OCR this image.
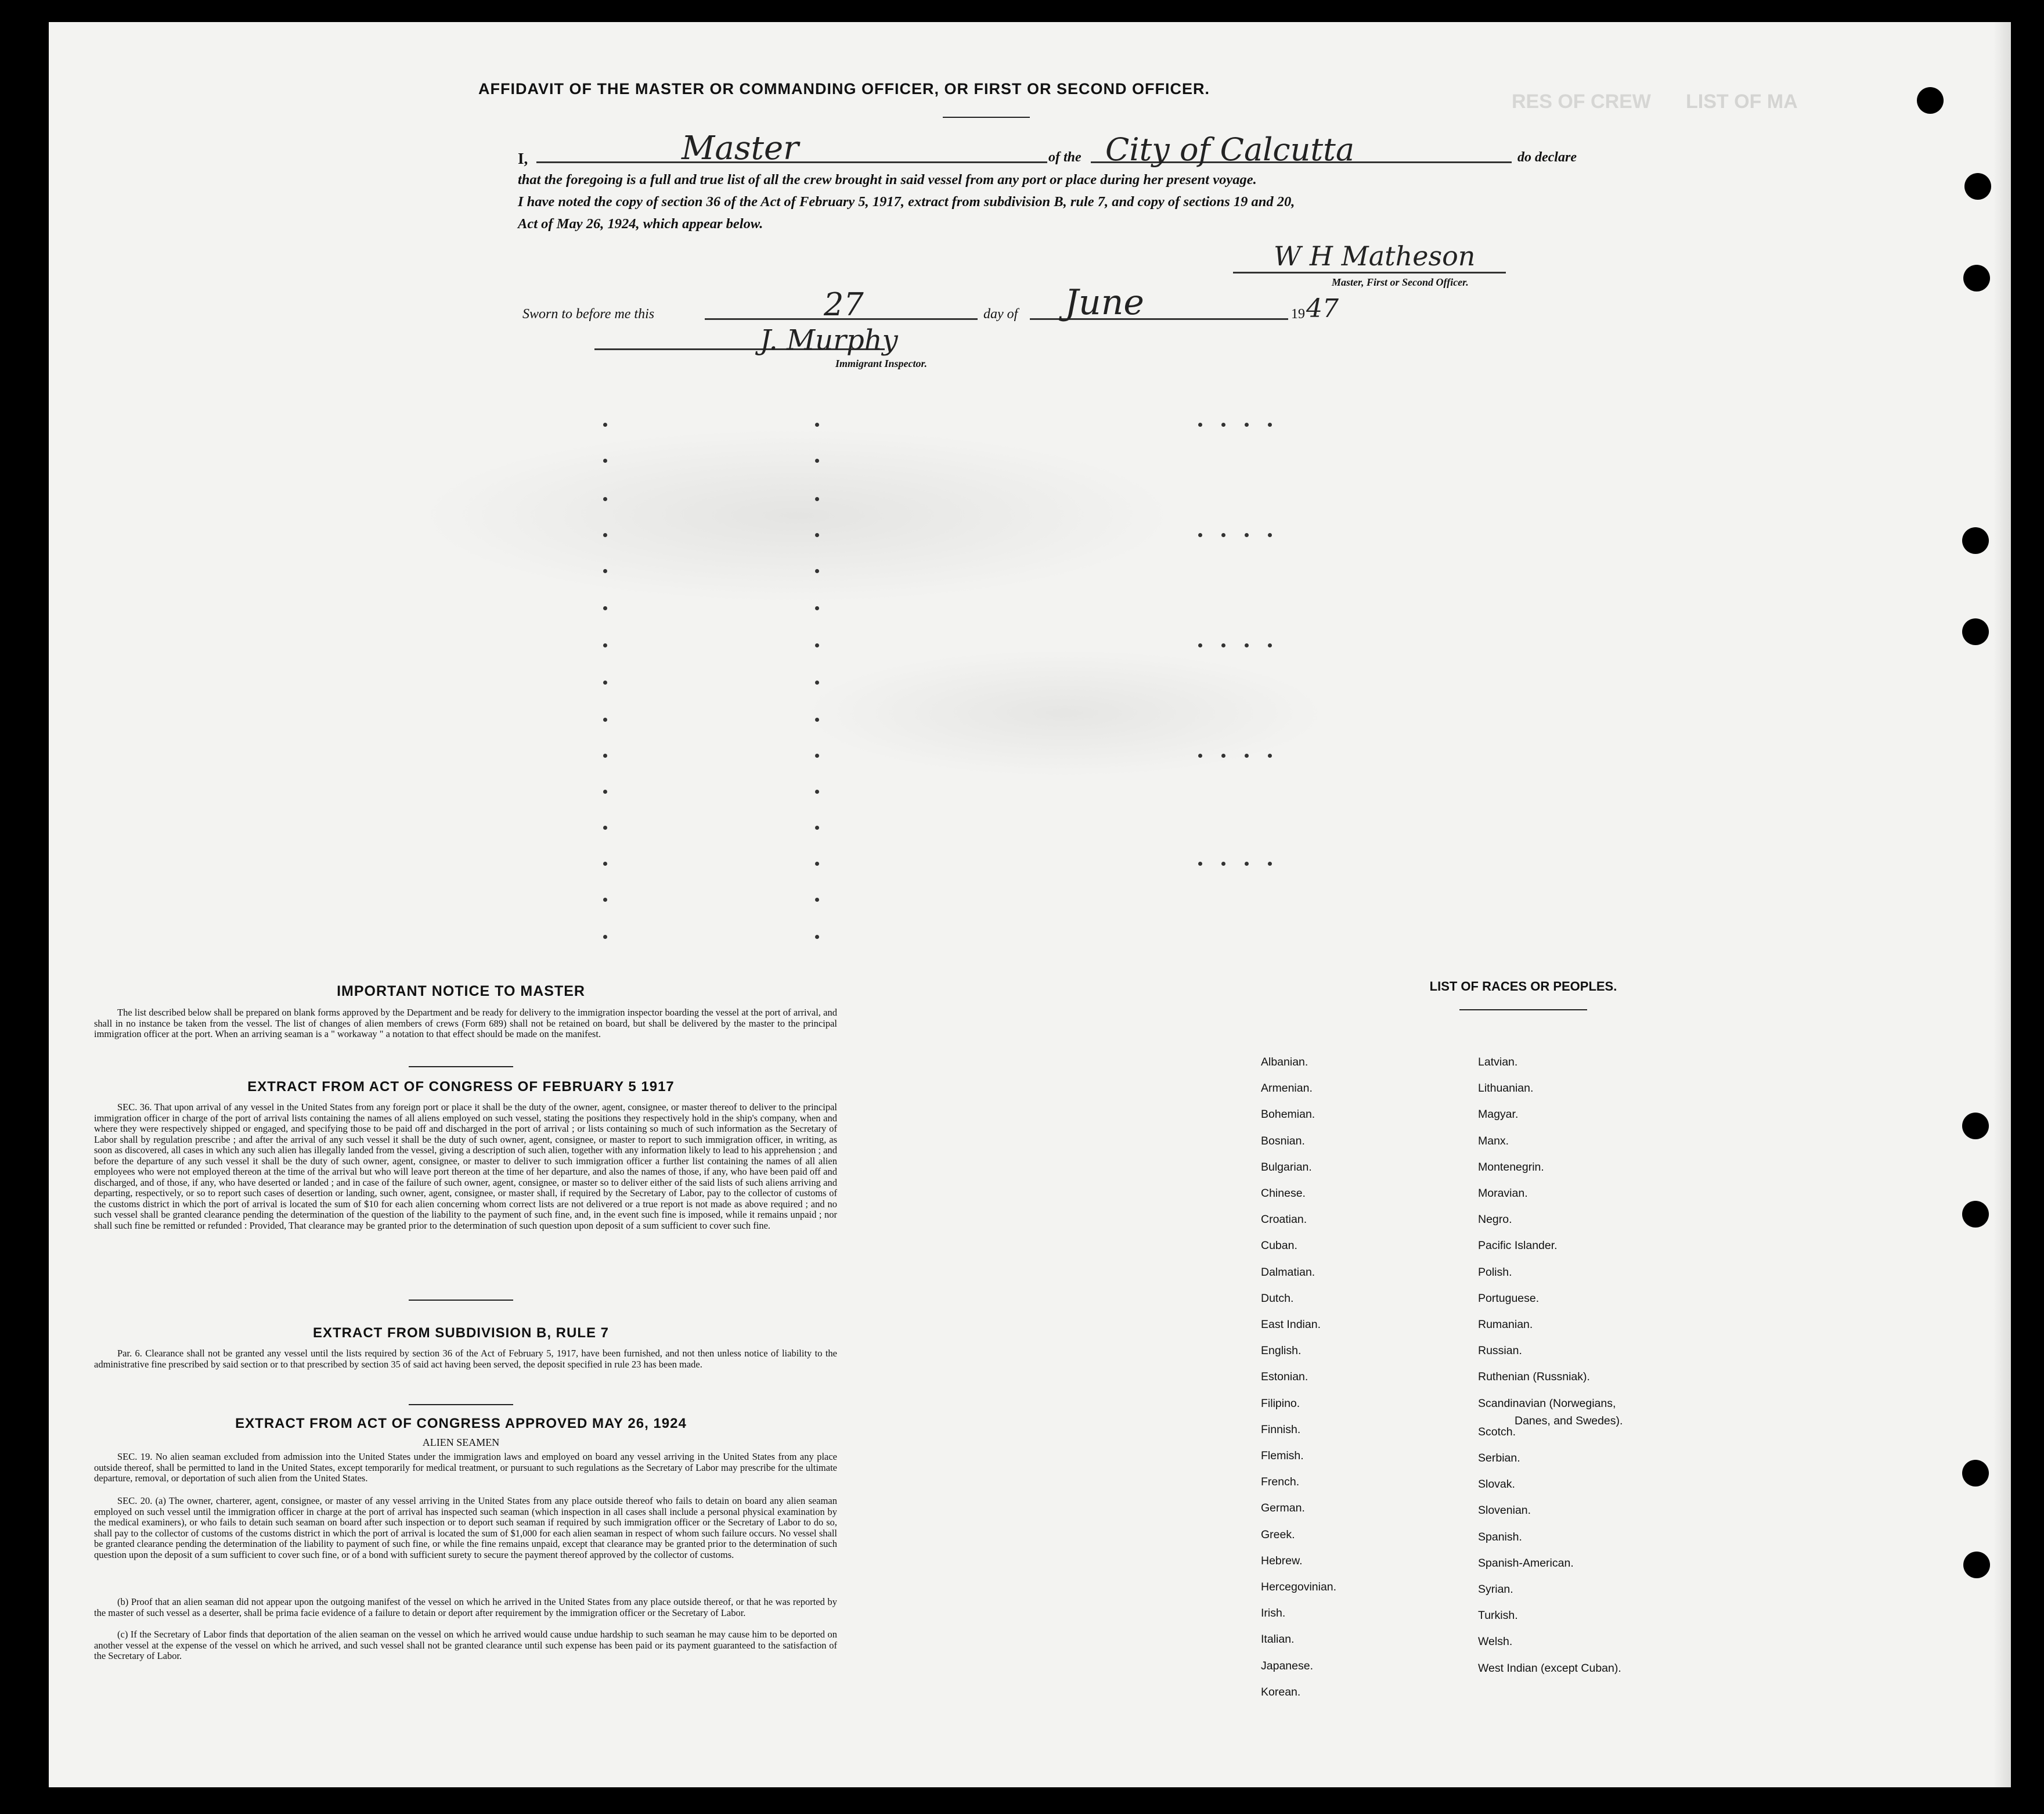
LIST OF MA
RES OF CREW
AFFIDAVIT OF THE MASTER OR COMMANDING OFFICER, OR FIRST OR SECOND OFFICER.
I,	Master	of the City of Calcutta	do declare
that the foregoing is a full and true list of all the crew brought in said vessel from any port or place during her present voyage.
I have noted the copy of section 36 of the Act of February 5, 1917, extract from subdivision B, rule 7, and copy of sections 19 and 20,
Act of May 26, 1924, which appear below.
W H Matheson
Master, First or Second Officer.
Sworn to before me this	27	day of June	19 47
J. Murphy
Immigrant Inspector.
IMPORTANT NOTICE TO MASTER
The list described below shall be prepared on blank forms approved by the Department and be ready for delivery to the immigration inspector boarding the vessel at the port of arrival, and shall in no instance be taken from the vessel. The list of changes of alien members of crews (Form 689) shall not be retained on board, but shall be delivered by the master to the principal immigration officer at the port. When an arriving seaman is a " workaway " a notation to that effect should be made on the manifest.
EXTRACT FROM ACT OF CONGRESS OF FEBRUARY 5 1917
SEC. 36. That upon arrival of any vessel in the United States from any foreign port or place it shall be the duty of the owner, agent, consignee, or master thereof to deliver to the principal immigration officer in charge of the port of arrival lists containing the names of all aliens employed on such vessel, stating the positions they respectively hold in the ship's company, when and where they were respectively shipped or engaged, and specifying those to be paid off and discharged in the port of arrival ; or lists containing so much of such information as the Secretary of Labor shall by regulation prescribe ; and after the arrival of any such vessel it shall be the duty of such owner, agent, consignee, or master to report to such immigration officer, in writing, as soon as discovered, all cases in which any such alien has illegally landed from the vessel, giving a description of such alien, together with any information likely to lead to his apprehension ; and before the departure of any such vessel it shall be the duty of such owner, agent, consignee, or master to deliver to such immigration officer a further list containing the names of all alien employees who were not employed thereon at the time of the arrival but who will leave port thereon at the time of her departure, and also the names of those, if any, who have been paid off and discharged, and of those, if any, who have deserted or landed ; and in case of the failure of such owner, agent, consignee, or master so to deliver either of the said lists of such aliens arriving and departing, respectively, or so to report such cases of desertion or landing, such owner, agent, consignee, or master shall, if required by the Secretary of Labor, pay to the collector of customs of the customs district in which the port of arrival is located the sum of $10 for each alien concerning whom correct lists are not delivered or a true report is not made as above required ; and no such vessel shall be granted clearance pending the determination of the question of the liability to the payment of such fine, and, in the event such fine is imposed, while it remains unpaid ; nor shall such fine be remitted or refunded : Provided, That clearance may be granted prior to the determination of such question upon deposit of a sum sufficient to cover such fine.
EXTRACT FROM SUBDIVISION B, RULE 7
Par. 6. Clearance shall not be granted any vessel until the lists required by section 36 of the Act of February 5, 1917, have been furnished, and not then unless notice of liability to the administrative fine prescribed by said section or to that prescribed by section 35 of said act having been served, the deposit specified in rule 23 has been made.
EXTRACT FROM ACT OF CONGRESS APPROVED MAY 26, 1924
ALIEN SEAMEN
SEC. 19. No alien seaman excluded from admission into the United States under the immigration laws and employed on board any vessel arriving in the United States from any place outside thereof, shall be permitted to land in the United States, except temporarily for medical treatment, or pursuant to such regulations as the Secretary of Labor may prescribe for the ultimate departure, removal, or deportation of such alien from the United States.
SEC. 20. (a) The owner, charterer, agent, consignee, or master of any vessel arriving in the United States from any place outside thereof who fails to detain on board any alien seaman employed on such vessel until the immigration officer in charge at the port of arrival has inspected such seaman (which inspection in all cases shall include a personal physical examination by the medical examiners), or who fails to detain such seaman on board after such inspection or to deport such seaman if required by such immigration officer or the Secretary of Labor to do so, shall pay to the collector of customs of the customs district in which the port of arrival is located the sum of $1,000 for each alien seaman in respect of whom such failure occurs. No vessel shall be granted clearance pending the determination of the liability to payment of such fine, or while the fine remains unpaid, except that clearance may be granted prior to the determination of such question upon the deposit of a sum sufficient to cover such fine, or of a bond with sufficient surety to secure the payment thereof approved by the collector of customs.
(b) Proof that an alien seaman did not appear upon the outgoing manifest of the vessel on which he arrived in the United States from any place outside thereof, or that he was reported by the master of such vessel as a deserter, shall be prima facie evidence of a failure to detain or deport after requirement by the immigration officer or the Secretary of Labor.
(c) If the Secretary of Labor finds that deportation of the alien seaman on the vessel on which he arrived would cause undue hardship to such seaman he may cause him to be deported on another vessel at the expense of the vessel on which he arrived, and such vessel shall not be granted clearance until such expense has been paid or its payment guaranteed to the satisfaction of the Secretary of Labor.
LIST OF RACES OR PEOPLES.
Albanian.
Armenian.
Bohemian.
Bosnian.
Bulgarian.
Chinese.
Croatian.
Cuban.
Dalmatian.
Dutch.
East Indian.
English.
Estonian.
Filipino.
Finnish.
Flemish.
French.
German.
Greek.
Hebrew.
Hercegovinian.
Irish.
Italian.
Japanese.
Korean.
Latvian.
Lithuanian.
Magyar.
Manx.
Montenegrin.
Moravian.
Negro.
Pacific Islander.
Polish.
Portuguese.
Rumanian.
Russian.
Ruthenian (Russniak).
Scandinavian (Norwegians,
Danes, and Swedes).
Scotch.
Serbian.
Slovak.
Slovenian.
Spanish.
Spanish-American.
Syrian.
Turkish.
Welsh.
West Indian (except Cuban).
